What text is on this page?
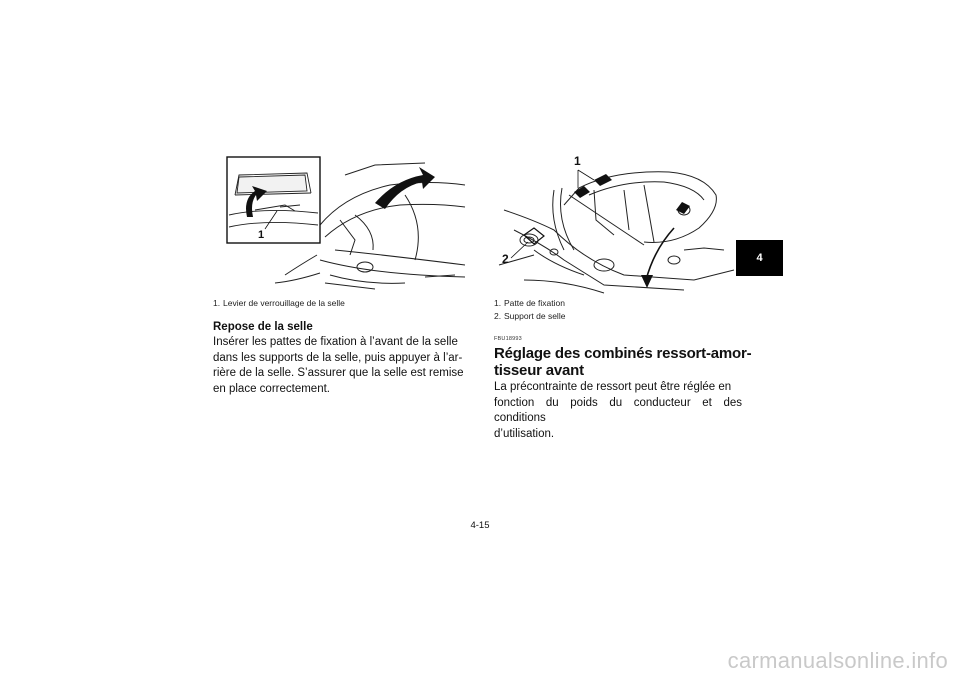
1
1. Levier de verrouillage de la selle
Repose de la selle
Insérer les pattes de fixation à l’avant de la selle
dans les supports de la selle, puis appuyer à l’ar-
rière de la selle. S’assurer que la selle est remise
en place correctement.
1
2
1. Patte de fixation
2. Support de selle
FBU18993
Réglage des combinés ressort-amor-
tisseur avant
La précontrainte de ressort peut être réglée en
fonction du poids du conducteur et des conditions
d’utilisation.
4
4-15
carmanualsonline.info
